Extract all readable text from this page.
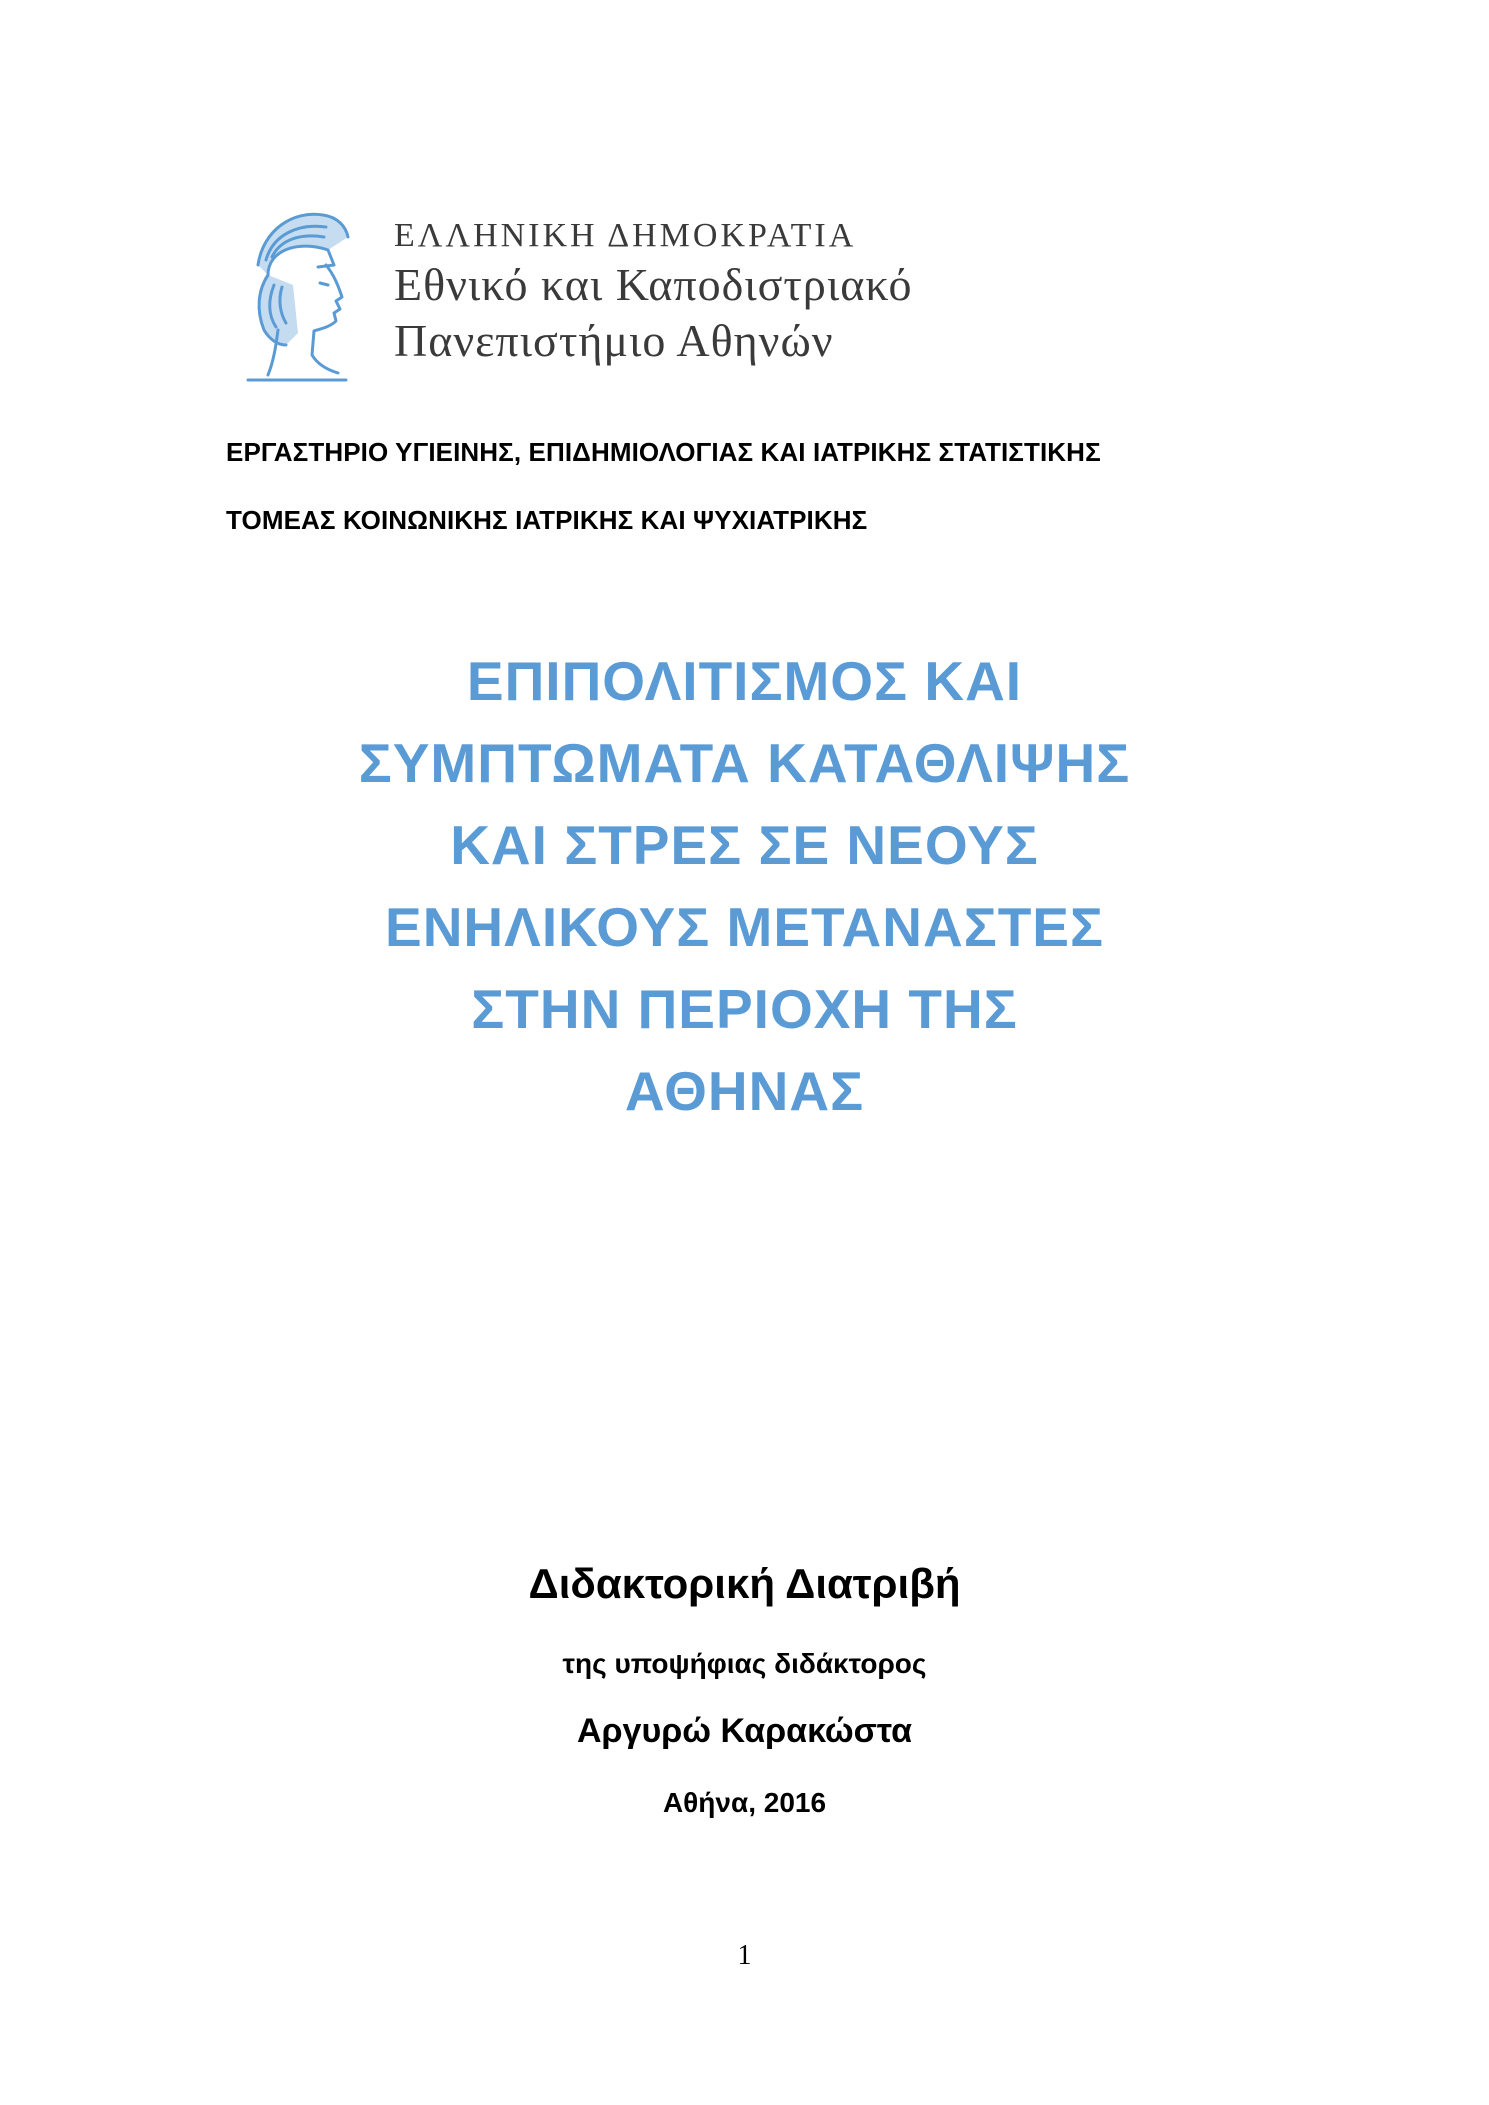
ΕΛΛΗΝΙΚΗ ΔΗΜΟΚΡΑΤΙΑ
Εθνικό και Καποδιστριακό
Πανεπιστήμιο Αθηνών
ΕΡΓΑΣΤΗΡΙΟ ΥΓΙΕΙΝΗΣ, ΕΠΙΔΗΜΙΟΛΟΓΙΑΣ ΚΑΙ ΙΑΤΡΙΚΗΣ ΣΤΑΤΙΣΤΙΚΗΣ
ΤΟΜΕΑΣ ΚΟΙΝΩΝΙΚΗΣ ΙΑΤΡΙΚΗΣ ΚΑΙ ΨΥΧΙΑΤΡΙΚΗΣ
ΕΠΙΠΟΛΙΤΙΣΜΟΣ ΚΑΙ
ΣΥΜΠΤΩΜΑΤΑ ΚΑΤΑΘΛΙΨΗΣ
ΚΑΙ ΣΤΡΕΣ ΣΕ ΝΕΟΥΣ
ΕΝΗΛΙΚΟΥΣ ΜΕΤΑΝΑΣΤΕΣ
ΣΤΗΝ ΠΕΡΙΟΧΗ ΤΗΣ
ΑΘΗΝΑΣ
Διδακτορική Διατριβή
της υποψήφιας διδάκτορος
Αργυρώ Καρακώστα
Αθήνα, 2016
1
